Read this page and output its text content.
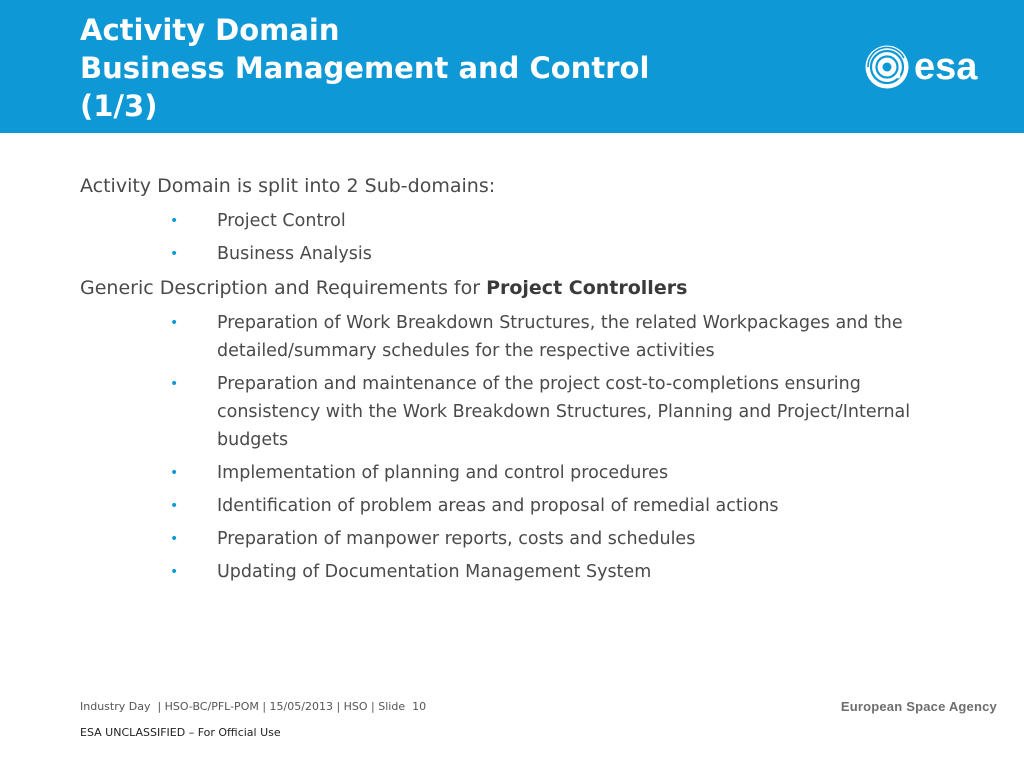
Activity Domain
Business Management and Control
(1/3)
esa

Activity Domain is split into 2 Sub-domains:

• Project Control
• Business Analysis

Generic Description and Requirements for Project Controllers

• Preparation of Work Breakdown Structures, the related Workpackages and the detailed/summary schedules for the respective activities
• Preparation and maintenance of the project cost-to-completions ensuring consistency with the Work Breakdown Structures, Planning and Project/Internal budgets
• Implementation of planning and control procedures
• Identification of problem areas and proposal of remedial actions
• Preparation of manpower reports, costs and schedules
• Updating of Documentation Management System
Industry Day  | HSO-BC/PFL-POM | 15/05/2013 | HSO | Slide  10
ESA UNCLASSIFIED – For Official Use
European Space Agency
